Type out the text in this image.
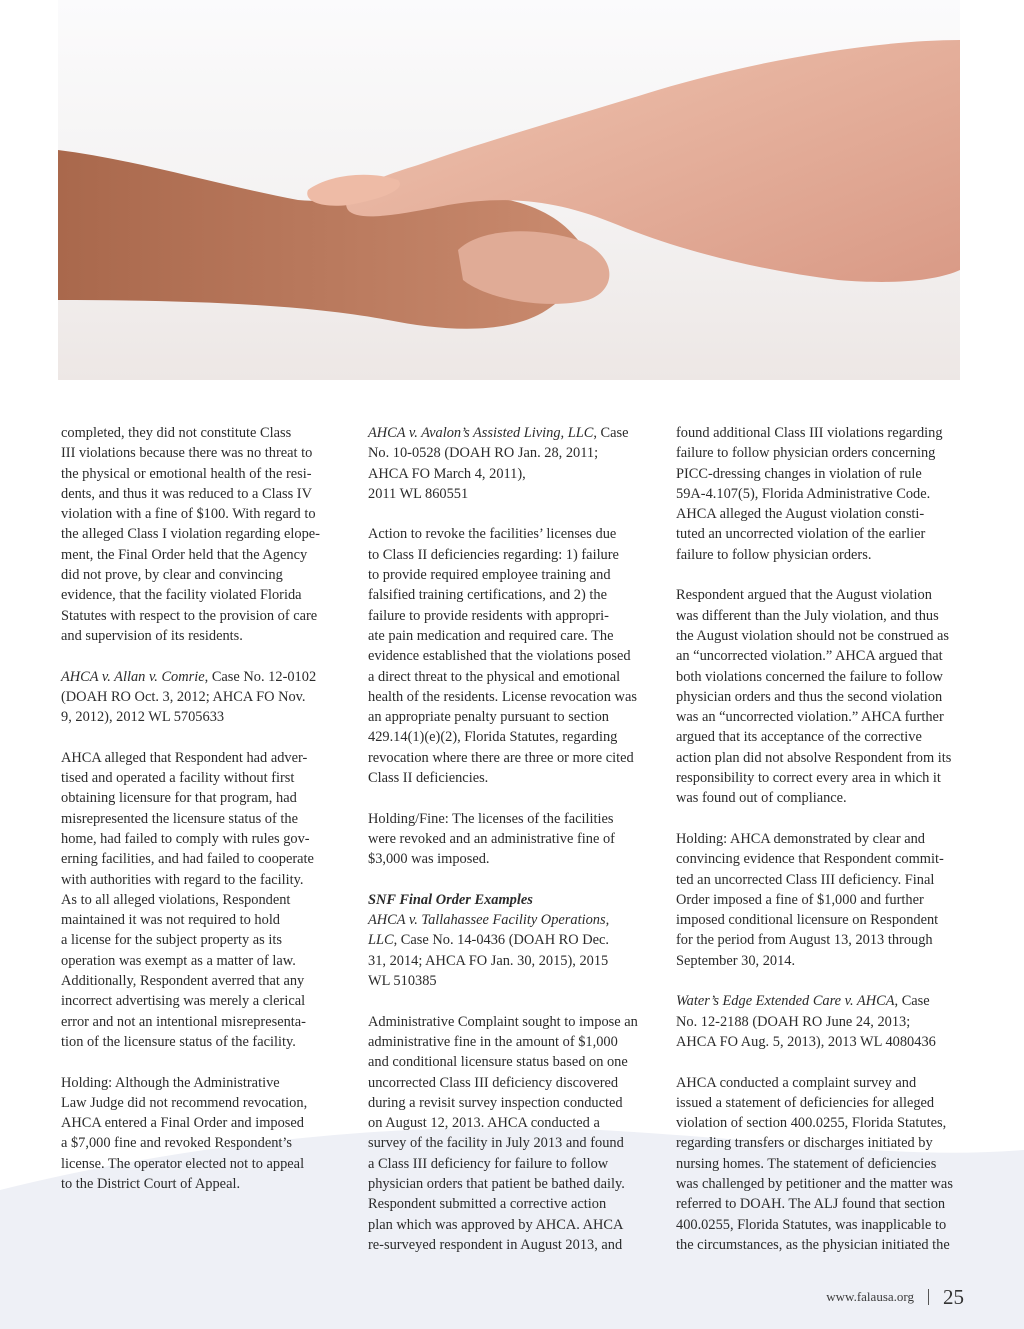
completed, they did not constitute Class
III violations because there was no threat to
the physical or emotional health of the resi-
dents, and thus it was reduced to a Class IV
violation with a fine of $100. With regard to
the alleged Class I violation regarding elope-
ment, the Final Order held that the Agency
did not prove, by clear and convincing
evidence, that the facility violated Florida
Statutes with respect to the provision of care
and supervision of its residents.

AHCA v. Allan v. Comrie, Case No. 12-0102
(DOAH RO Oct. 3, 2012; AHCA FO Nov.
9, 2012), 2012 WL 5705633

AHCA alleged that Respondent had adver-
tised and operated a facility without first
obtaining licensure for that program, had
misrepresented the licensure status of the
home, had failed to comply with rules gov-
erning facilities, and had failed to cooperate
with authorities with regard to the facility.
As to all alleged violations, Respondent
maintained it was not required to hold
a license for the subject property as its
operation was exempt as a matter of law.
Additionally, Respondent averred that any
incorrect advertising was merely a clerical
error and not an intentional misrepresenta-
tion of the licensure status of the facility.

Holding: Although the Administrative
Law Judge did not recommend revocation,
AHCA entered a Final Order and imposed
a $7,000 fine and revoked Respondent’s
license. The operator elected not to appeal
to the District Court of Appeal.

AHCA v. Avalon’s Assisted Living, LLC, Case
No. 10-0528 (DOAH RO Jan. 28, 2011;
AHCA FO March 4, 2011),
2011 WL 860551

Action to revoke the facilities’ licenses due
to Class II deficiencies regarding: 1) failure
to provide required employee training and
falsified training certifications, and 2) the
failure to provide residents with appropri-
ate pain medication and required care. The
evidence established that the violations posed
a direct threat to the physical and emotional
health of the residents. License revocation was
an appropriate penalty pursuant to section
429.14(1)(e)(2), Florida Statutes, regarding
revocation where there are three or more cited
Class II deficiencies.

Holding/Fine: The licenses of the facilities
were revoked and an administrative fine of
$3,000 was imposed.

SNF Final Order Examples
AHCA v. Tallahassee Facility Operations,
LLC, Case No. 14-0436 (DOAH RO Dec.
31, 2014; AHCA FO Jan. 30, 2015), 2015
WL 510385

Administrative Complaint sought to impose an
administrative fine in the amount of $1,000
and conditional licensure status based on one
uncorrected Class III deficiency discovered
during a revisit survey inspection conducted
on August 12, 2013. AHCA conducted a
survey of the facility in July 2013 and found
a Class III deficiency for failure to follow
physician orders that patient be bathed daily.
Respondent submitted a corrective action
plan which was approved by AHCA. AHCA
re-surveyed respondent in August 2013, and

found additional Class III violations regarding
failure to follow physician orders concerning
PICC-dressing changes in violation of rule
59A-4.107(5), Florida Administrative Code.
AHCA alleged the August violation consti-
tuted an uncorrected violation of the earlier
failure to follow physician orders.

Respondent argued that the August violation
was different than the July violation, and thus
the August violation should not be construed as
an “uncorrected violation.” AHCA argued that
both violations concerned the failure to follow
physician orders and thus the second violation
was an “uncorrected violation.” AHCA further
argued that its acceptance of the corrective
action plan did not absolve Respondent from its
responsibility to correct every area in which it
was found out of compliance.

Holding: AHCA demonstrated by clear and
convincing evidence that Respondent commit-
ted an uncorrected Class III deficiency. Final
Order imposed a fine of $1,000 and further
imposed conditional licensure on Respondent
for the period from August 13, 2013 through
September 30, 2014.

Water’s Edge Extended Care v. AHCA, Case
No. 12-2188 (DOAH RO June 24, 2013;
AHCA FO Aug. 5, 2013), 2013 WL 4080436

AHCA conducted a complaint survey and
issued a statement of deficiencies for alleged
violation of section 400.0255, Florida Statutes,
regarding transfers or discharges initiated by
nursing homes. The statement of deficiencies
was challenged by petitioner and the matter was
referred to DOAH. The ALJ found that section
400.0255, Florida Statutes, was inapplicable to
the circumstances, as the physician initiated the

www.falausa.org 25
